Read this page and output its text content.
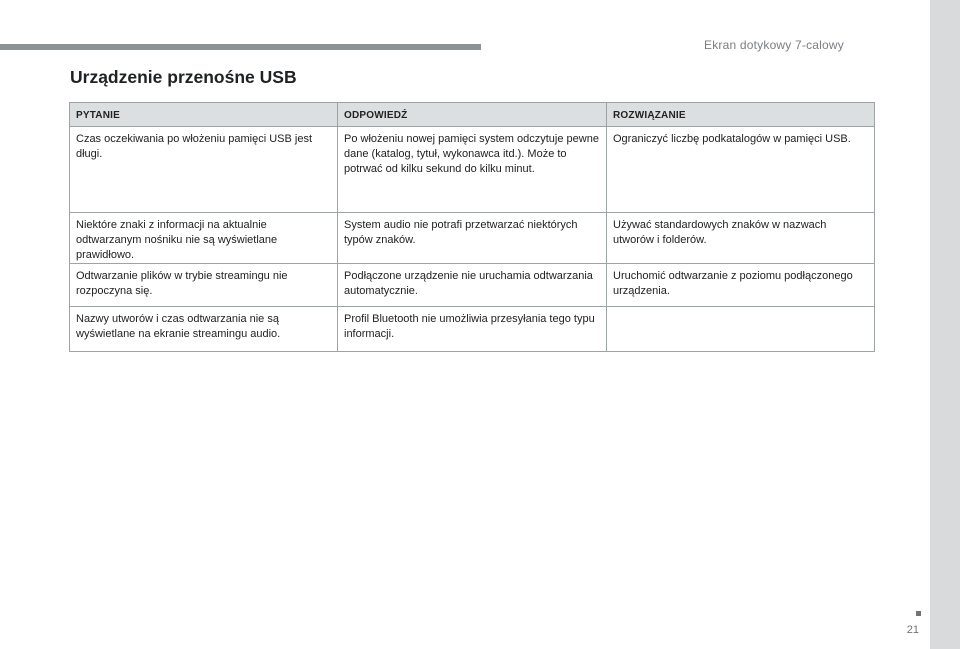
Ekran dotykowy 7-calowy
Urządzenie przenośne USB
PYTANIE	ODPOWIEDŹ	ROZWIĄZANIE
Czas oczekiwania po włożeniu pamięci USB jest długi.	Po włożeniu nowej pamięci system odczytuje pewne dane (katalog, tytuł, wykonawca itd.). Może to potrwać od kilku sekund do kilku minut.	Ograniczyć liczbę podkatalogów w pamięci USB.
Niektóre znaki z informacji na aktualnie odtwarzanym nośniku nie są wyświetlane prawidłowo.	System audio nie potrafi przetwarzać niektórych typów znaków.	Używać standardowych znaków w nazwach utworów i folderów.
Odtwarzanie plików w trybie streamingu nie rozpoczyna się.	Podłączone urządzenie nie uruchamia odtwarzania automatycznie.	Uruchomić odtwarzanie z poziomu podłączonego urządzenia.
Nazwy utworów i czas odtwarzania nie są wyświetlane na ekranie streamingu audio.	Profil Bluetooth nie umożliwia przesyłania tego typu informacji.	
21
